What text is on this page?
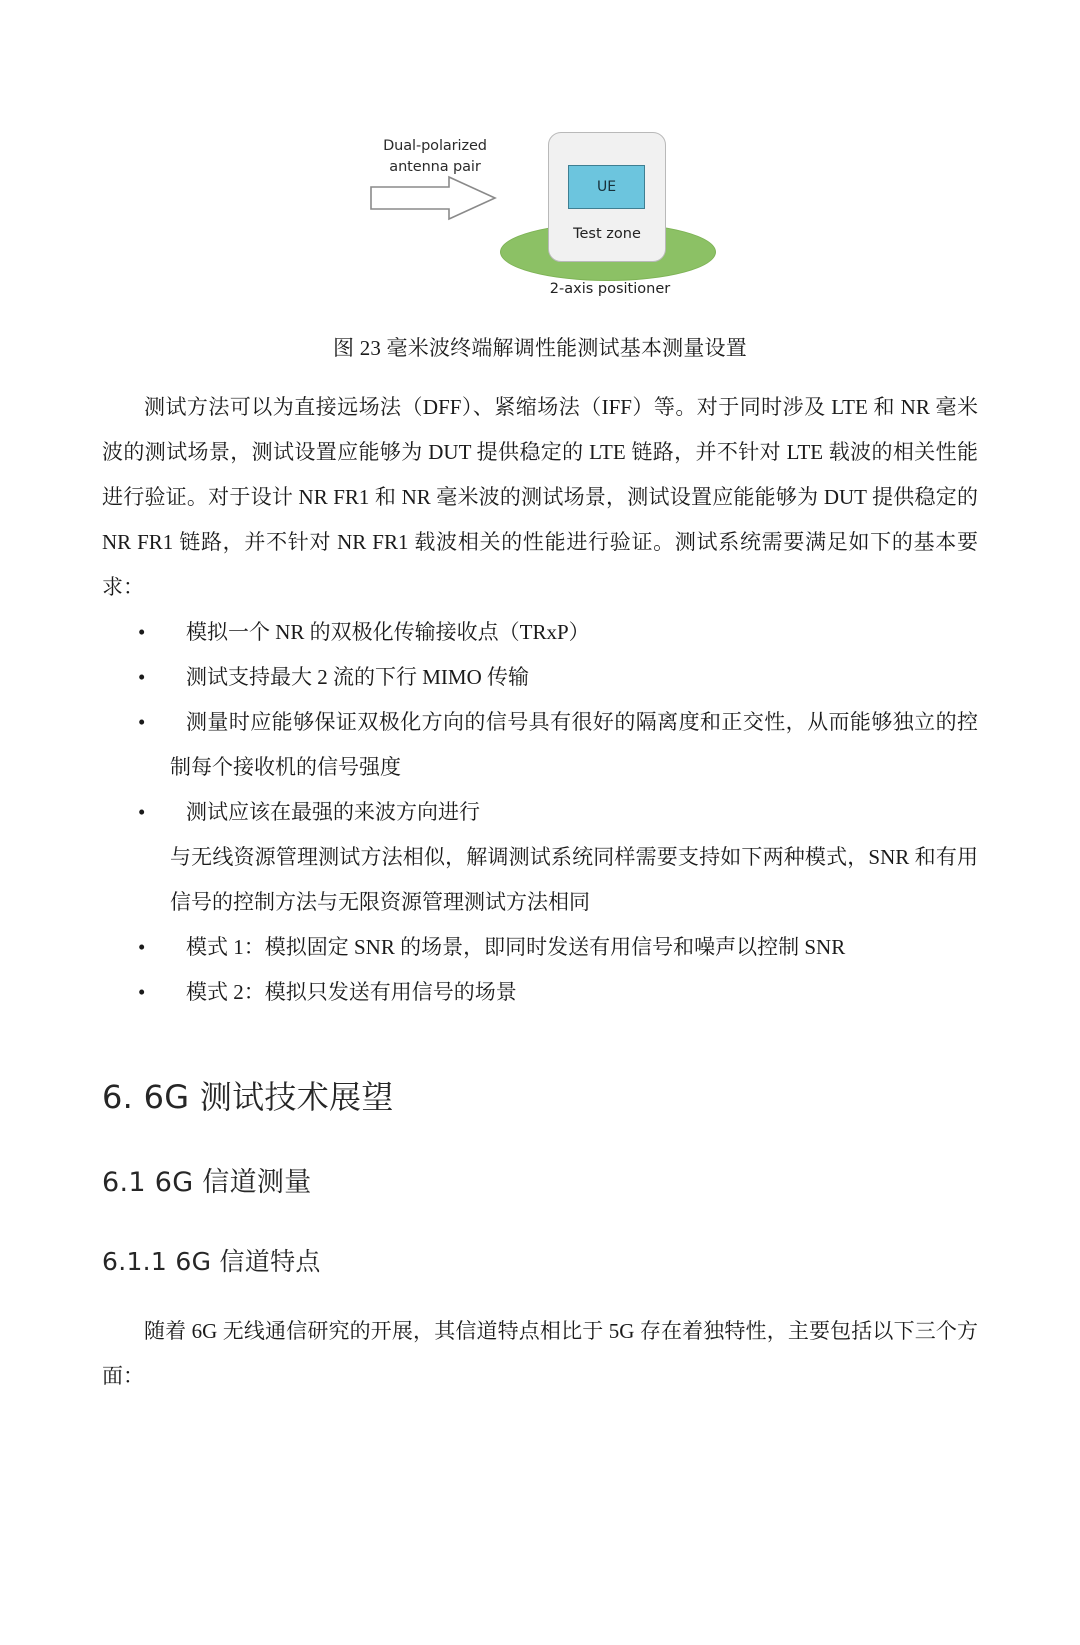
Dual-polarized
antenna pair
UE
Test zone
2-axis positioner

图 23 毫米波终端解调性能测试基本测量设置

测试方法可以为直接远场法（DFF）、紧缩场法（IFF）等。对于同时涉及 LTE 和 NR 毫米波的测试场景，测试设置应能够为 DUT 提供稳定的 LTE 链路，并不针对 LTE 载波的相关性能进行验证。对于设计 NR FR1 和 NR 毫米波的测试场景，测试设置应能能够为 DUT 提供稳定的 NR FR1 链路，并不针对 NR FR1 载波相关的性能进行验证。测试系统需要满足如下的基本要求：

• 模拟一个 NR 的双极化传输接收点（TRxP）
• 测试支持最大 2 流的下行 MIMO 传输
•	测量时应能够保证双极化方向的信号具有很好的隔离度和正交性，从而能够独立的控制每个接收机的信号强度
• 测试应该在最强的来波方向进行

与无线资源管理测试方法相似，解调测试系统同样需要支持如下两种模式，SNR 和有用信号的控制方法与无限资源管理测试方法相同

• 模式 1：模拟固定 SNR 的场景，即同时发送有用信号和噪声以控制 SNR
• 模式 2：模拟只发送有用信号的场景
6. 6G 测试技术展望
6.1 6G 信道测量
6.1.1 6G 信道特点

随着 6G 无线通信研究的开展，其信道特点相比于 5G 存在着独特性，主要包括以下三个方面：
